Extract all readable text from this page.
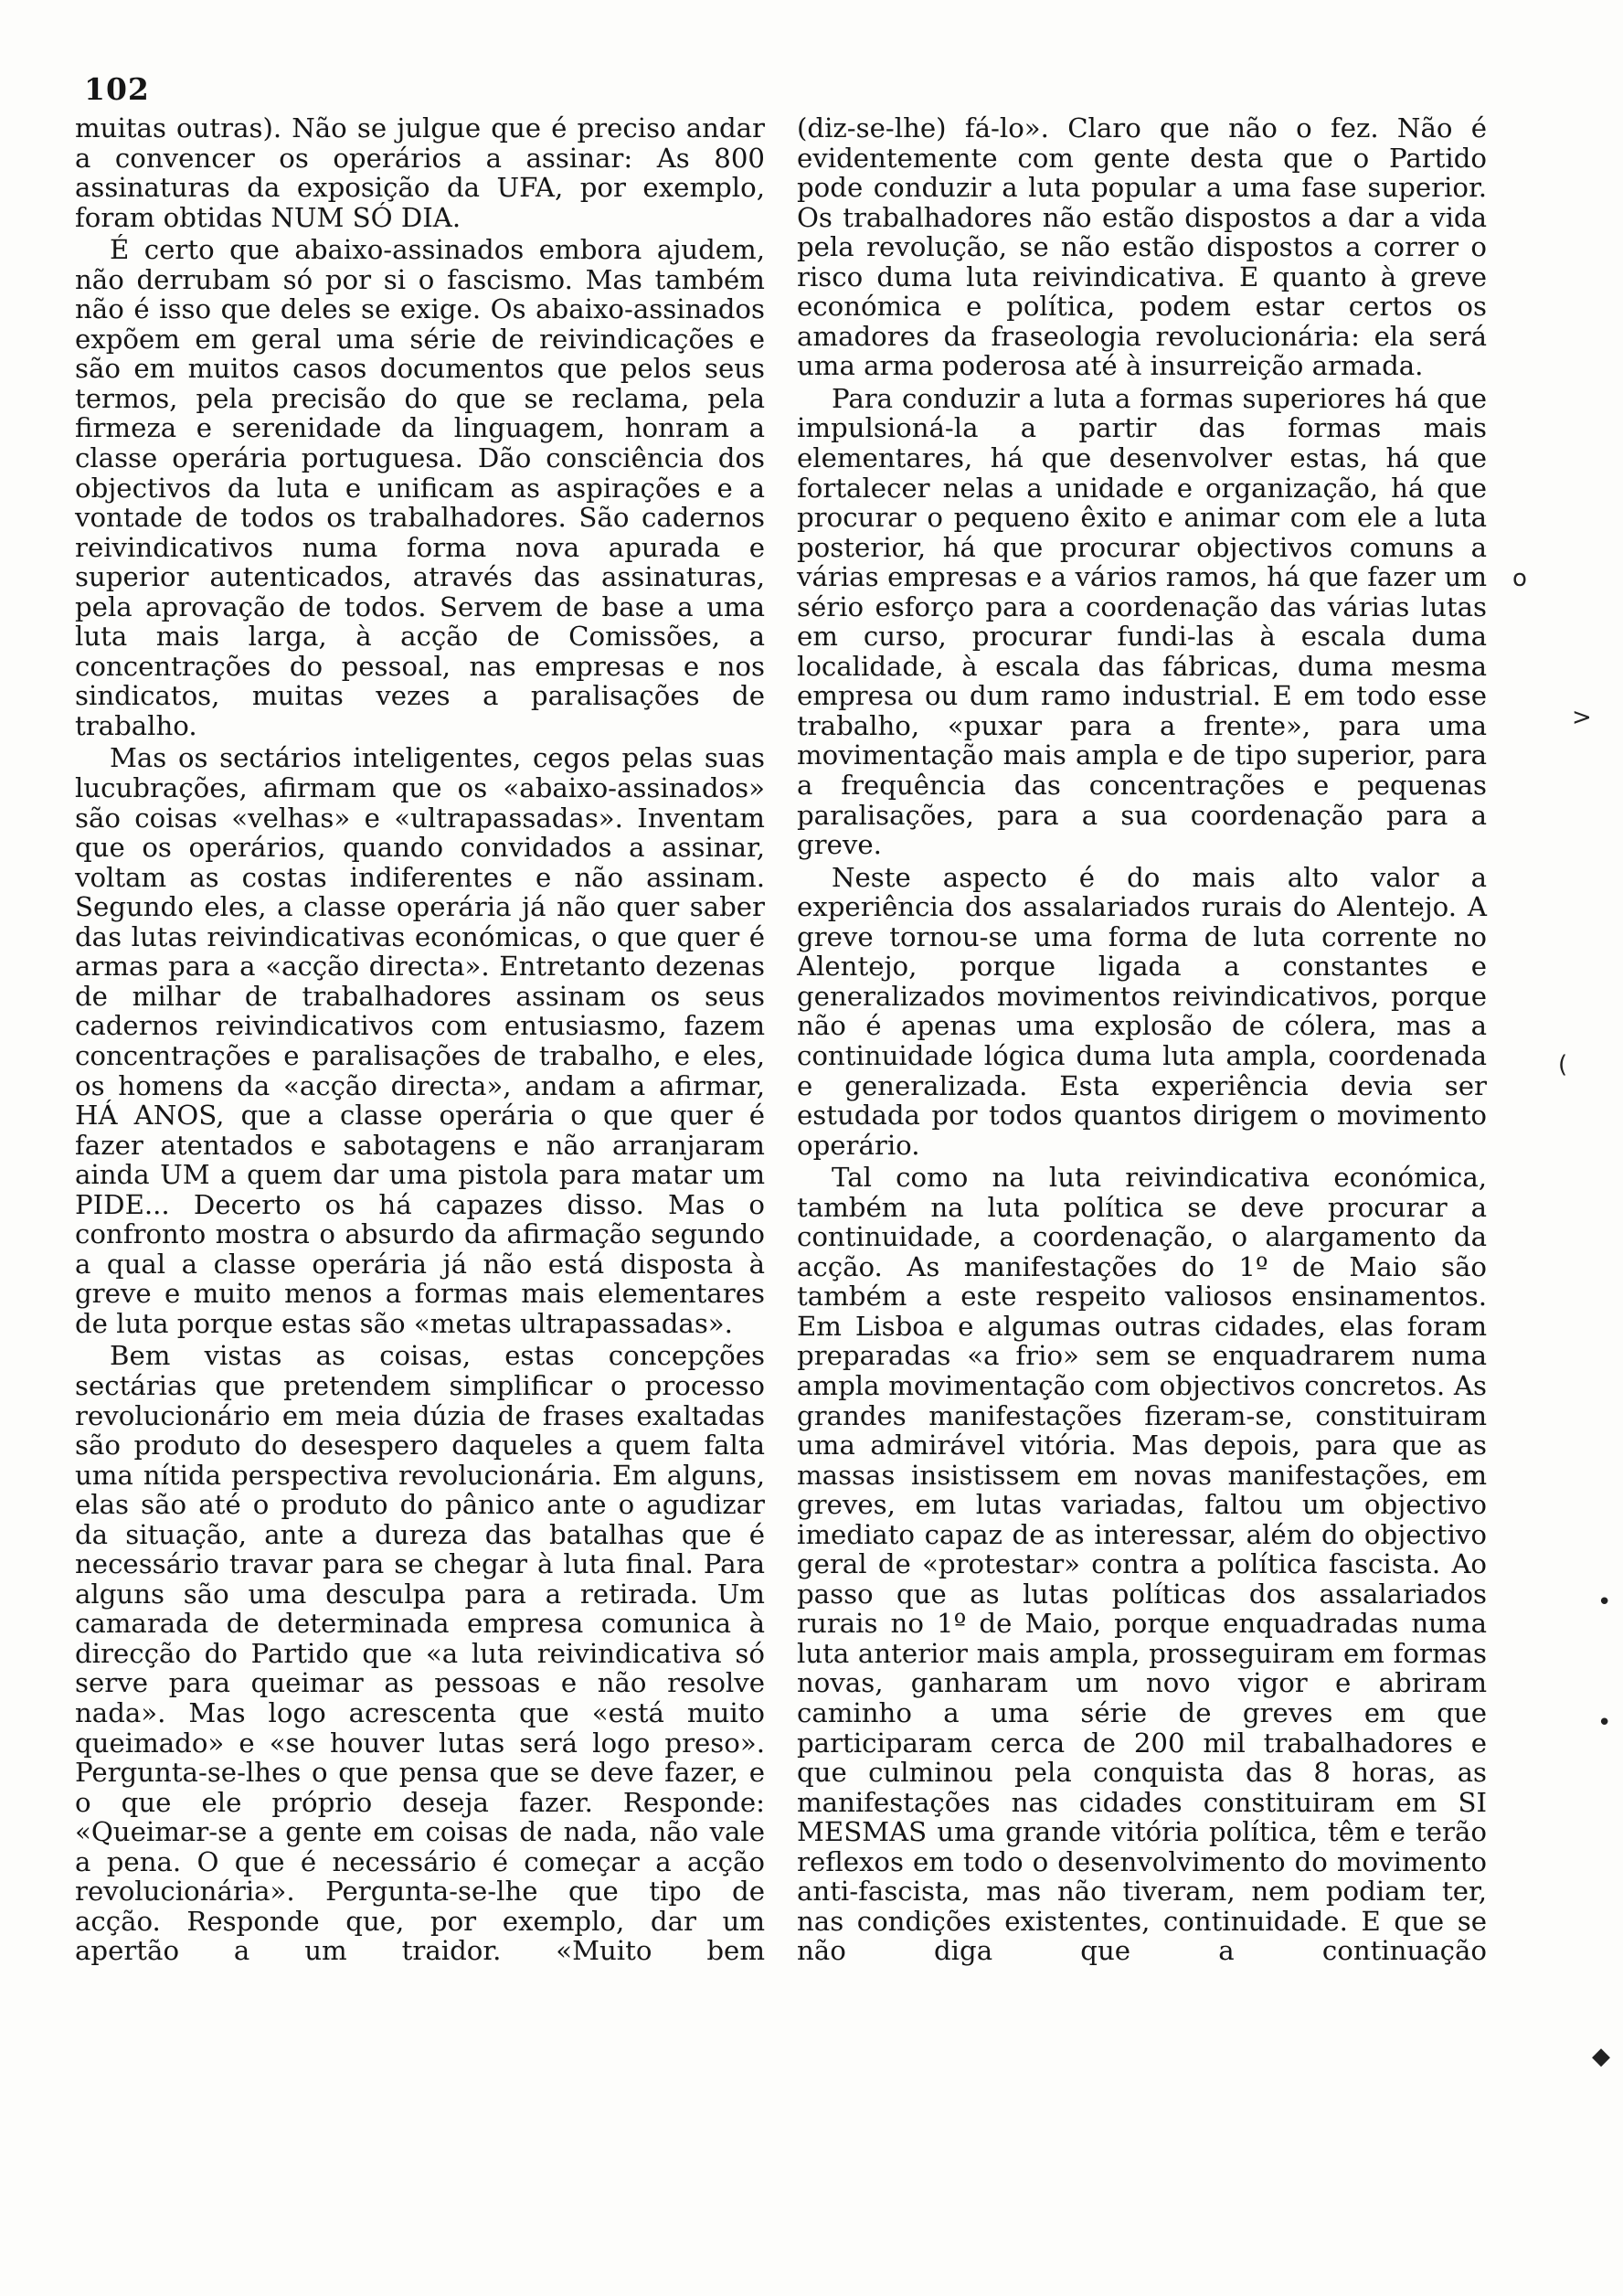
102

muitas outras). Não se julgue que é preciso andar a convencer os operários a assinar: As 800 assinaturas da exposição da UFA, por exemplo, foram obtidas NUM SÓ DIA.

É certo que abaixo-assinados embora ajudem, não derrubam só por si o fascismo. Mas também não é isso que deles se exige. Os abaixo-assinados expõem em geral uma série de reivindicações e são em muitos casos documentos que pelos seus termos, pela precisão do que se reclama, pela firmeza e serenidade da linguagem, honram a classe operária portuguesa. Dão consciência dos objectivos da luta e unificam as aspirações e a vontade de todos os trabalhadores. São cadernos reivindicativos numa forma nova apurada e superior autenticados, através das assinaturas, pela aprovação de todos. Servem de base a uma luta mais larga, à acção de Comissões, a concentrações do pessoal, nas empresas e nos sindicatos, muitas vezes a paralisações de trabalho.

Mas os sectários inteligentes, cegos pelas suas lucubrações, afirmam que os «abaixo-assinados» são coisas «velhas» e «ultrapassadas». Inventam que os operários, quando convidados a assinar, voltam as costas indiferentes e não assinam. Segundo eles, a classe operária já não quer saber das lutas reivindicativas económicas, o que quer é armas para a «acção directa». Entretanto dezenas de milhar de trabalhadores assinam os seus cadernos reivindicativos com entusiasmo, fazem concentrações e paralisações de trabalho, e eles, os homens da «acção directa», andam a afirmar, HÁ ANOS, que a classe operária o que quer é fazer atentados e sabotagens e não arranjaram ainda UM a quem dar uma pistola para matar um PIDE... Decerto os há capazes disso. Mas o confronto mostra o absurdo da afirmação segundo a qual a classe operária já não está disposta à greve e muito menos a formas mais elementares de luta porque estas são «metas ultrapassadas».

Bem vistas as coisas, estas concepções sectárias que pretendem simplificar o processo revolucionário em meia dúzia de frases exaltadas são produto do desespero daqueles a quem falta uma nítida perspectiva revolucionária. Em alguns, elas são até o produto do pânico ante o agudizar da situação, ante a dureza das batalhas que é necessário travar para se chegar à luta final. Para alguns são uma desculpa para a retirada. Um camarada de determinada empresa comunica à direcção do Partido que «a luta reivindicativa só serve para queimar as pessoas e não resolve nada». Mas logo acrescenta que «está muito queimado» e «se houver lutas será logo preso». Pergunta-se-lhes o que pensa que se deve fazer, e o que ele próprio deseja fazer. Responde: «Queimar-se a gente em coisas de nada, não vale a pena. O que é necessário é começar a acção revolucionária». Pergunta-se-lhe que tipo de acção. Responde que, por exemplo, dar um apertão a um traidor. «Muito bem

(diz-se-lhe) fá-lo». Claro que não o fez. Não é evidentemente com gente desta que o Partido pode conduzir a luta popular a uma fase superior. Os trabalhadores não estão dispostos a dar a vida pela revolução, se não estão dispostos a correr o risco duma luta reivindicativa. E quanto à greve económica e política, podem estar certos os amadores da fraseologia revolucionária: ela será uma arma poderosa até à insurreição armada.

Para conduzir a luta a formas superiores há que impulsioná-la a partir das formas mais elementares, há que desenvolver estas, há que fortalecer nelas a unidade e organização, há que procurar o pequeno êxito e animar com ele a luta posterior, há que procurar objectivos comuns a várias empresas e a vários ramos, há que fazer um sério esforço para a coordenação das várias lutas em curso, procurar fundi-las à escala duma localidade, à escala das fábricas, duma mesma empresa ou dum ramo industrial. E em todo esse trabalho, «puxar para a frente», para uma movimentação mais ampla e de tipo superior, para a frequência das concentrações e pequenas paralisações, para a sua coordenação para a greve.

Neste aspecto é do mais alto valor a experiência dos assalariados rurais do Alentejo. A greve tornou-se uma forma de luta corrente no Alentejo, porque ligada a constantes e generalizados movimentos reivindicativos, porque não é apenas uma explosão de cólera, mas a continuidade lógica duma luta ampla, coordenada e generalizada. Esta experiência devia ser estudada por todos quantos dirigem o movimento operário.

Tal como na luta reivindicativa económica, também na luta política se deve procurar a continuidade, a coordenação, o alargamento da acção. As manifestações do 1º de Maio são também a este respeito valiosos ensinamentos. Em Lisboa e algumas outras cidades, elas foram preparadas «a frio» sem se enquadrarem numa ampla movimentação com objectivos concretos. As grandes manifestações fizeram-se, constituiram uma admirável vitória. Mas depois, para que as massas insistissem em novas manifestações, em greves, em lutas variadas, faltou um objectivo imediato capaz de as interessar, além do objectivo geral de «protestar» contra a política fascista. Ao passo que as lutas políticas dos assalariados rurais no 1º de Maio, porque enquadradas numa luta anterior mais ampla, prosseguiram em formas novas, ganharam um novo vigor e abriram caminho a uma série de greves em que participaram cerca de 200 mil trabalhadores e que culminou pela conquista das 8 horas, as manifestações nas cidades constituiram em SI MESMAS uma grande vitória política, têm e terão reflexos em todo o desenvolvimento do movimento anti-fascista, mas não tiveram, nem podiam ter, nas condições existentes, continuidade. E que se não diga que a continuação

o
>
(
•
•
◆
